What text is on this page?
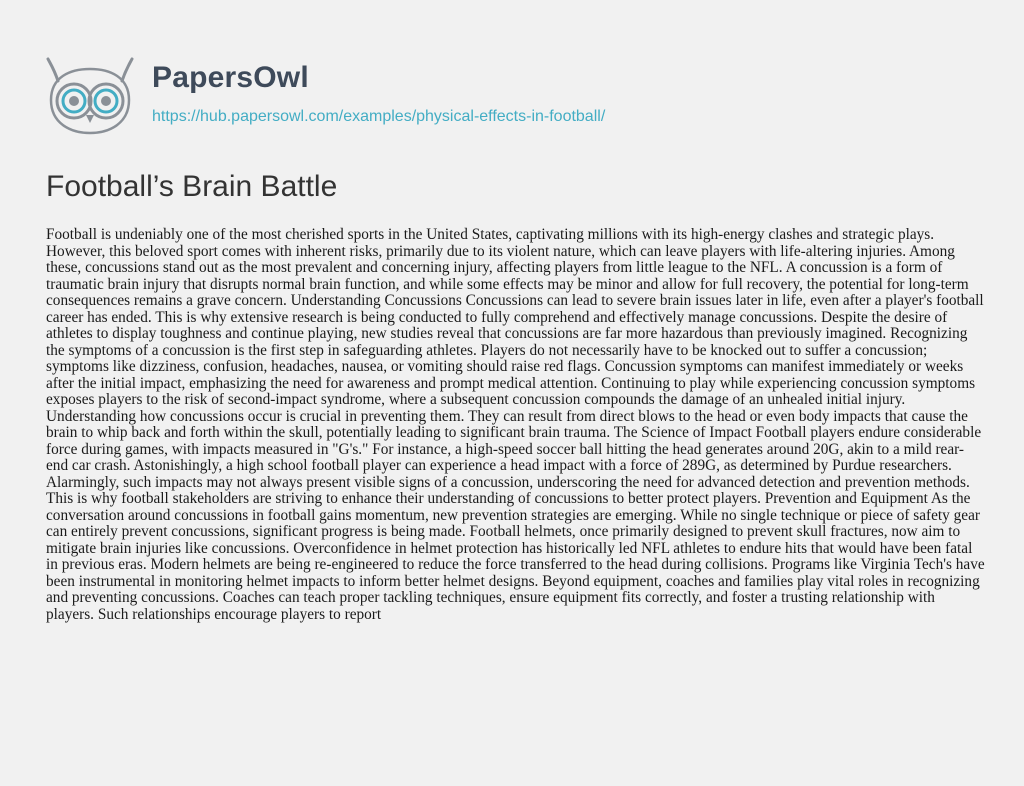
PapersOwl
https://hub.papersowl.com/examples/physical-effects-in-football/
Football’s Brain Battle

Football is undeniably one of the most cherished sports in the United States, captivating millions with its high-energy clashes and strategic plays. However, this beloved sport comes with inherent risks, primarily due to its violent nature, which can leave players with life-altering injuries. Among these, concussions stand out as the most prevalent and concerning injury, affecting players from little league to the NFL. A concussion is a form of traumatic brain injury that disrupts normal brain function, and while some effects may be minor and allow for full recovery, the potential for long-term consequences remains a grave concern. Understanding Concussions Concussions can lead to severe brain issues later in life, even after a player's football career has ended. This is why extensive research is being conducted to fully comprehend and effectively manage concussions. Despite the desire of athletes to display toughness and continue playing, new studies reveal that concussions are far more hazardous than previously imagined. Recognizing the symptoms of a concussion is the first step in safeguarding athletes. Players do not necessarily have to be knocked out to suffer a concussion; symptoms like dizziness, confusion, headaches, nausea, or vomiting should raise red flags. Concussion symptoms can manifest immediately or weeks after the initial impact, emphasizing the need for awareness and prompt medical attention. Continuing to play while experiencing concussion symptoms exposes players to the risk of second-impact syndrome, where a subsequent concussion compounds the damage of an unhealed initial injury. Understanding how concussions occur is crucial in preventing them. They can result from direct blows to the head or even body impacts that cause the brain to whip back and forth within the skull, potentially leading to significant brain trauma. The Science of Impact Football players endure considerable force during games, with impacts measured in "G's." For instance, a high-speed soccer ball hitting the head generates around 20G, akin to a mild rear-end car crash. Astonishingly, a high school football player can experience a head impact with a force of 289G, as determined by Purdue researchers. Alarmingly, such impacts may not always present visible signs of a concussion, underscoring the need for advanced detection and prevention methods. This is why football stakeholders are striving to enhance their understanding of concussions to better protect players. Prevention and Equipment As the conversation around concussions in football gains momentum, new prevention strategies are emerging. While no single technique or piece of safety gear can entirely prevent concussions, significant progress is being made. Football helmets, once primarily designed to prevent skull fractures, now aim to mitigate brain injuries like concussions. Overconfidence in helmet protection has historically led NFL athletes to endure hits that would have been fatal in previous eras. Modern helmets are being re-engineered to reduce the force transferred to the head during collisions. Programs like Virginia Tech's have been instrumental in monitoring helmet impacts to inform better helmet designs. Beyond equipment, coaches and families play vital roles in recognizing and preventing concussions. Coaches can teach proper tackling techniques, ensure equipment fits correctly, and foster a trusting relationship with players. Such relationships encourage players to report
